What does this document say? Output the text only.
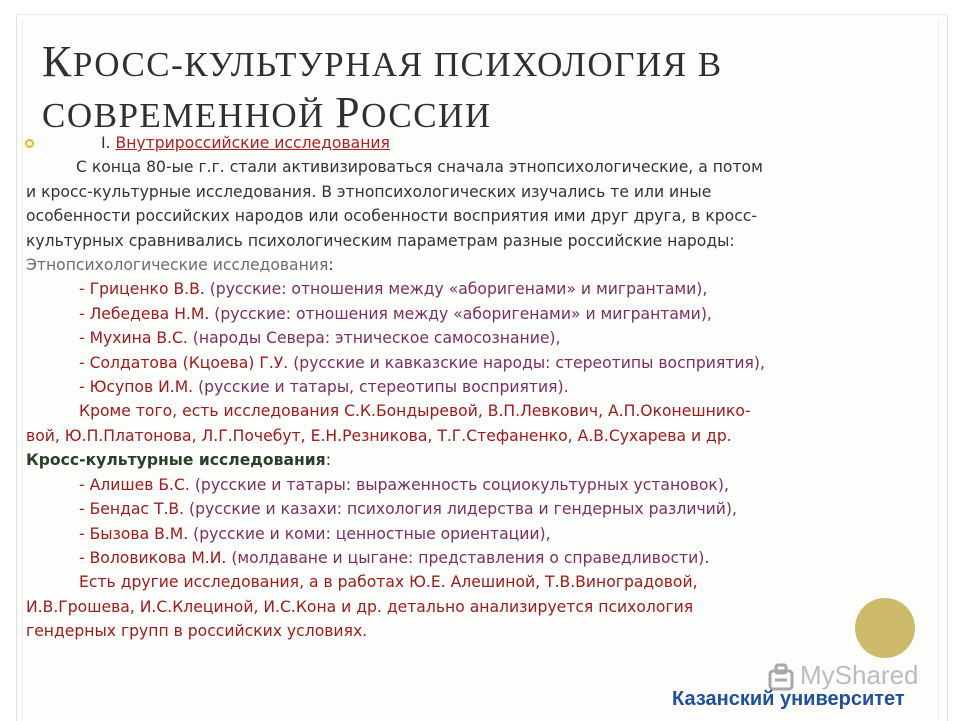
КРОСС-КУЛЬТУРНАЯ ПСИХОЛОГИЯ В
СОВРЕМЕННОЙ РОССИИ

I. Внутрироссийские исследования

С конца 80-ые г.г. стали активизироваться сначала этнопсихологические, а потом

и кросс-культурные исследования. В этнопсихологических изучались те или иные

особенности российских народов или особенности восприятия ими друг друга, в кросс-

культурных сравнивались психологическим параметрам разные российские народы:

Этнопсихологические исследования:

- Гриценко В.В. (русские: отношения между «аборигенами» и мигрантами),

- Лебедева Н.М. (русские: отношения между «аборигенами» и мигрантами),

- Мухина В.С. (народы Севера: этническое самосознание),

- Солдатова (Кцоева) Г.У. (русские и кавказские народы: стереотипы восприятия),

- Юсупов И.М. (русские и татары, стереотипы восприятия).

Кроме того, есть исследования С.К.Бондыревой, В.П.Левкович, А.П.Оконешнико-

вой, Ю.П.Платонова, Л.Г.Почебут, Е.Н.Резникова, Т.Г.Стефаненко, А.В.Сухарева и др.

Кросс-культурные исследования:

- Алишев Б.С. (русские и татары: выраженность социокультурных установок),

- Бендас Т.В. (русские и казахи: психология лидерства и гендерных различий),

- Бызова В.М. (русские и коми: ценностные ориентации),

- Воловикова М.И. (молдаване и цыгане: представления о справедливости).

Есть другие исследования, а в работах Ю.Е. Алешиной, Т.В.Виноградовой,

И.В.Грошева, И.С.Клециной, И.С.Кона и др. детально анализируется психология

гендерных групп в российских условиях.

MyShared
Казанский университет
